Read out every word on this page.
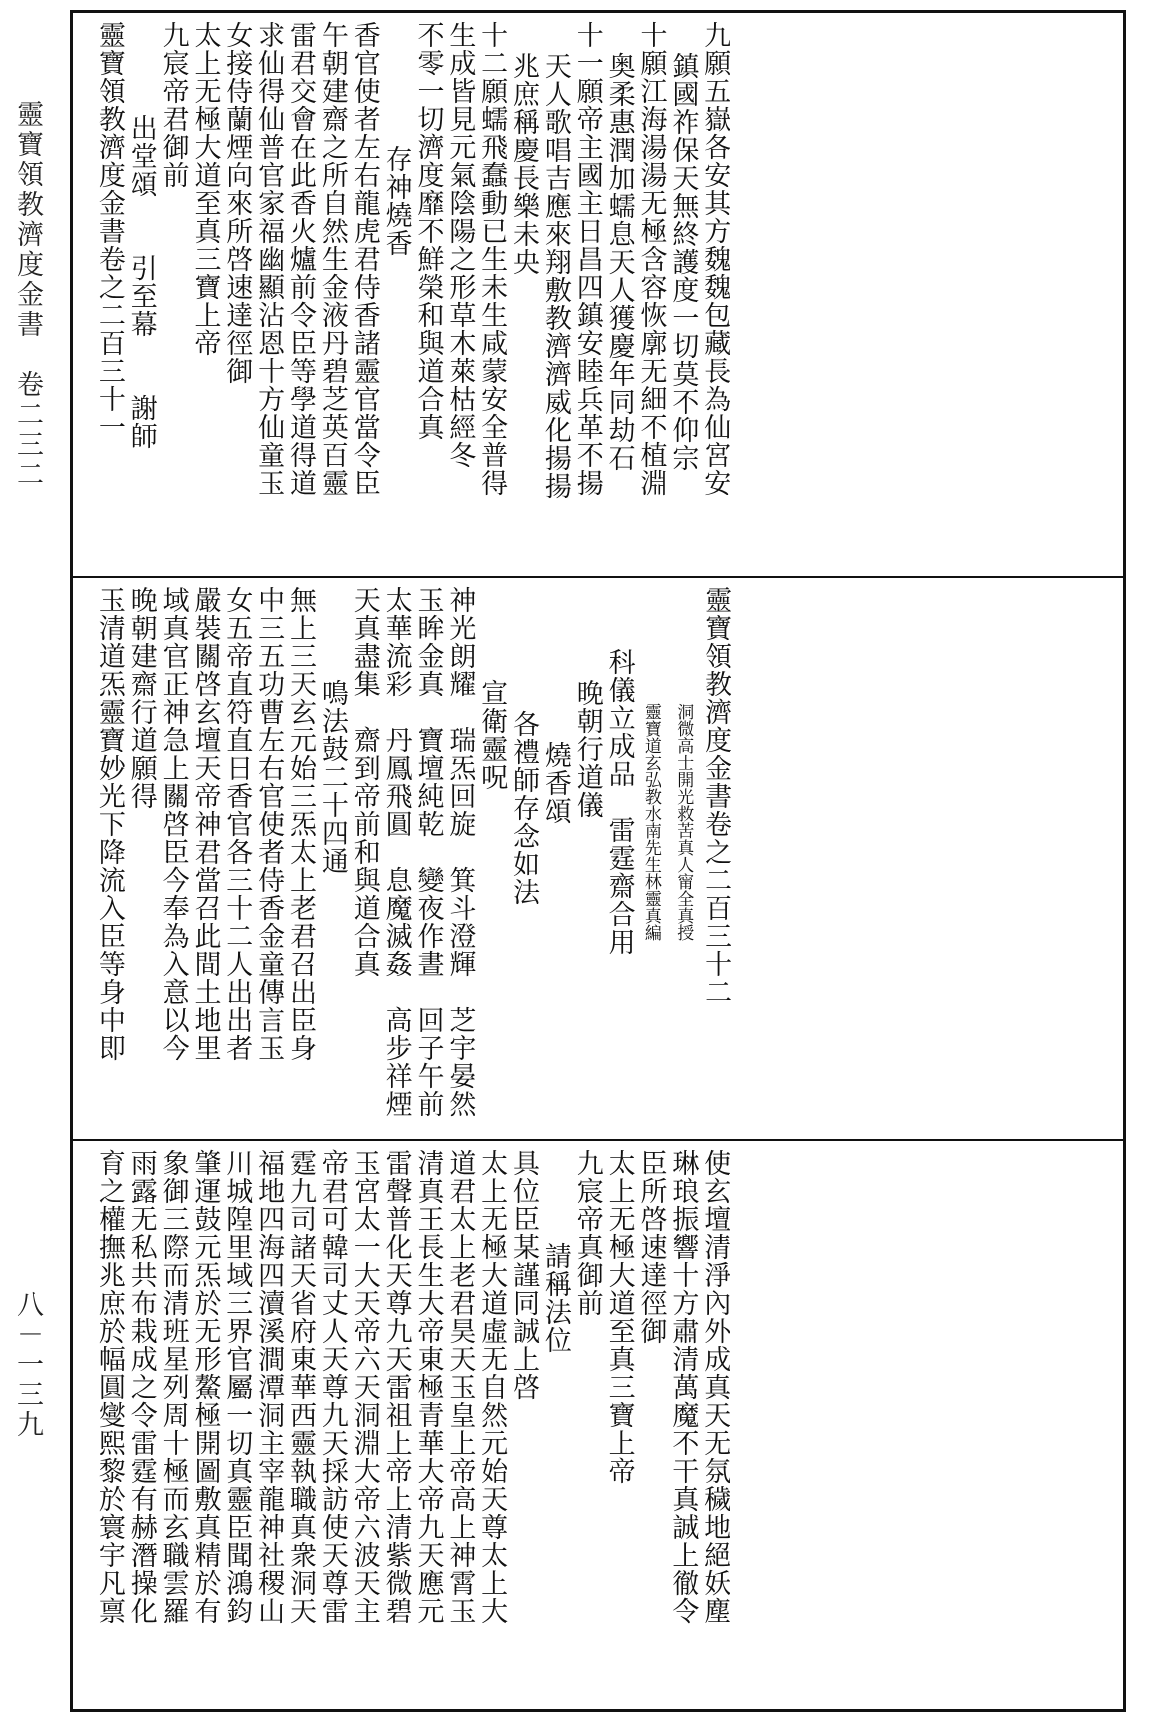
靈寶領教濟度金書　卷二三二
八－一三九

九願五嶽各安其方魏魏包藏長為仙宮安

鎮國祚保天無終護度一切莫不仰宗

十願江海湯湯无極含容恢廓无細不植淵

奥柔惠潤加蠕息天人獲慶年同劫石

十一願帝主國主日昌四鎮安睦兵革不揚

天人歌唱吉應來翔敷教濟濟威化揚揚

兆庶稱慶長樂未央

十二願蠕飛蠢動已生未生咸蒙安全普得

生成皆見元氣陰陽之形草木萊枯經冬

不零一切濟度靡不鮮榮和與道合真

存神燒香

香官使者左右龍虎君侍香諸靈官當令臣

午朝建齋之所自然生金液丹碧芝英百靈

雷君交會在此香火爐前令臣等學道得道

求仙得仙普官家福幽顯沾恩十方仙童玉

女接侍蘭煙向來所啓速達徑御

太上无極大道至真三寶上帝

九宸帝君御前

出堂頌　　引至幕　　謝師

靈寶領教濟度金書卷之二百三十一

靈寶領教濟度金書卷之二百三十二

洞微高士開光救苦真人甯全真授

靈寶道玄弘教水南先生林靈真編

科儀立成品　雷霆齋合用

晚朝行道儀

燒香頌

各禮師存念如法

宣衛靈呪

神光朗耀　瑞炁回旋　箕斗澄輝　芝宇晏然

玉眸金真　寶壇純乾　變夜作晝　回子午前

太華流彩　丹鳳飛圓　息魔滅姦　高步祥煙

天真盡集　齋到帝前和與道合真

鳴法鼓二十四通

無上三天玄元始三炁太上老君召出臣身

中三五功曹左右官使者侍香金童傳言玉

女五帝直符直日香官各三十二人出出者

嚴裝關啓玄壇天帝神君當召此間土地里

域真官正神急上關啓臣今奉為入意以今

晚朝建齋行道願得

玉清道炁靈寶妙光下降流入臣等身中即

使玄壇清淨內外成真天无氛穢地絕妖塵

琳琅振響十方肅清萬魔不干真誠上徹令

臣所啓速達徑御

太上无極大道至真三寶上帝

九宸帝真御前

請稱法位

具位臣某謹同誠上啓

太上无極大道虛无自然元始天尊太上大

道君太上老君昊天玉皇上帝高上神霄玉

清真王長生大帝東極青華大帝九天應元

雷聲普化天尊九天雷祖上帝上清紫微碧

玉宮太一大天帝六天洞淵大帝六波天主

帝君可韓司丈人天尊九天採訪使天尊雷

霆九司諸天省府東華西靈執職真衆洞天

福地四海四瀆溪澗潭洞主宰龍神社稷山

川城隍里域三界官屬一切真靈臣聞鴻鈞

肇運鼓元炁於无形鰲極開圖敷真精於有

象御三際而清班星列周十極而玄職雲羅

雨露无私共布栽成之令雷霆有赫潛操化

育之權撫兆庶於幅圓燮熙黎於寰宇凡禀
